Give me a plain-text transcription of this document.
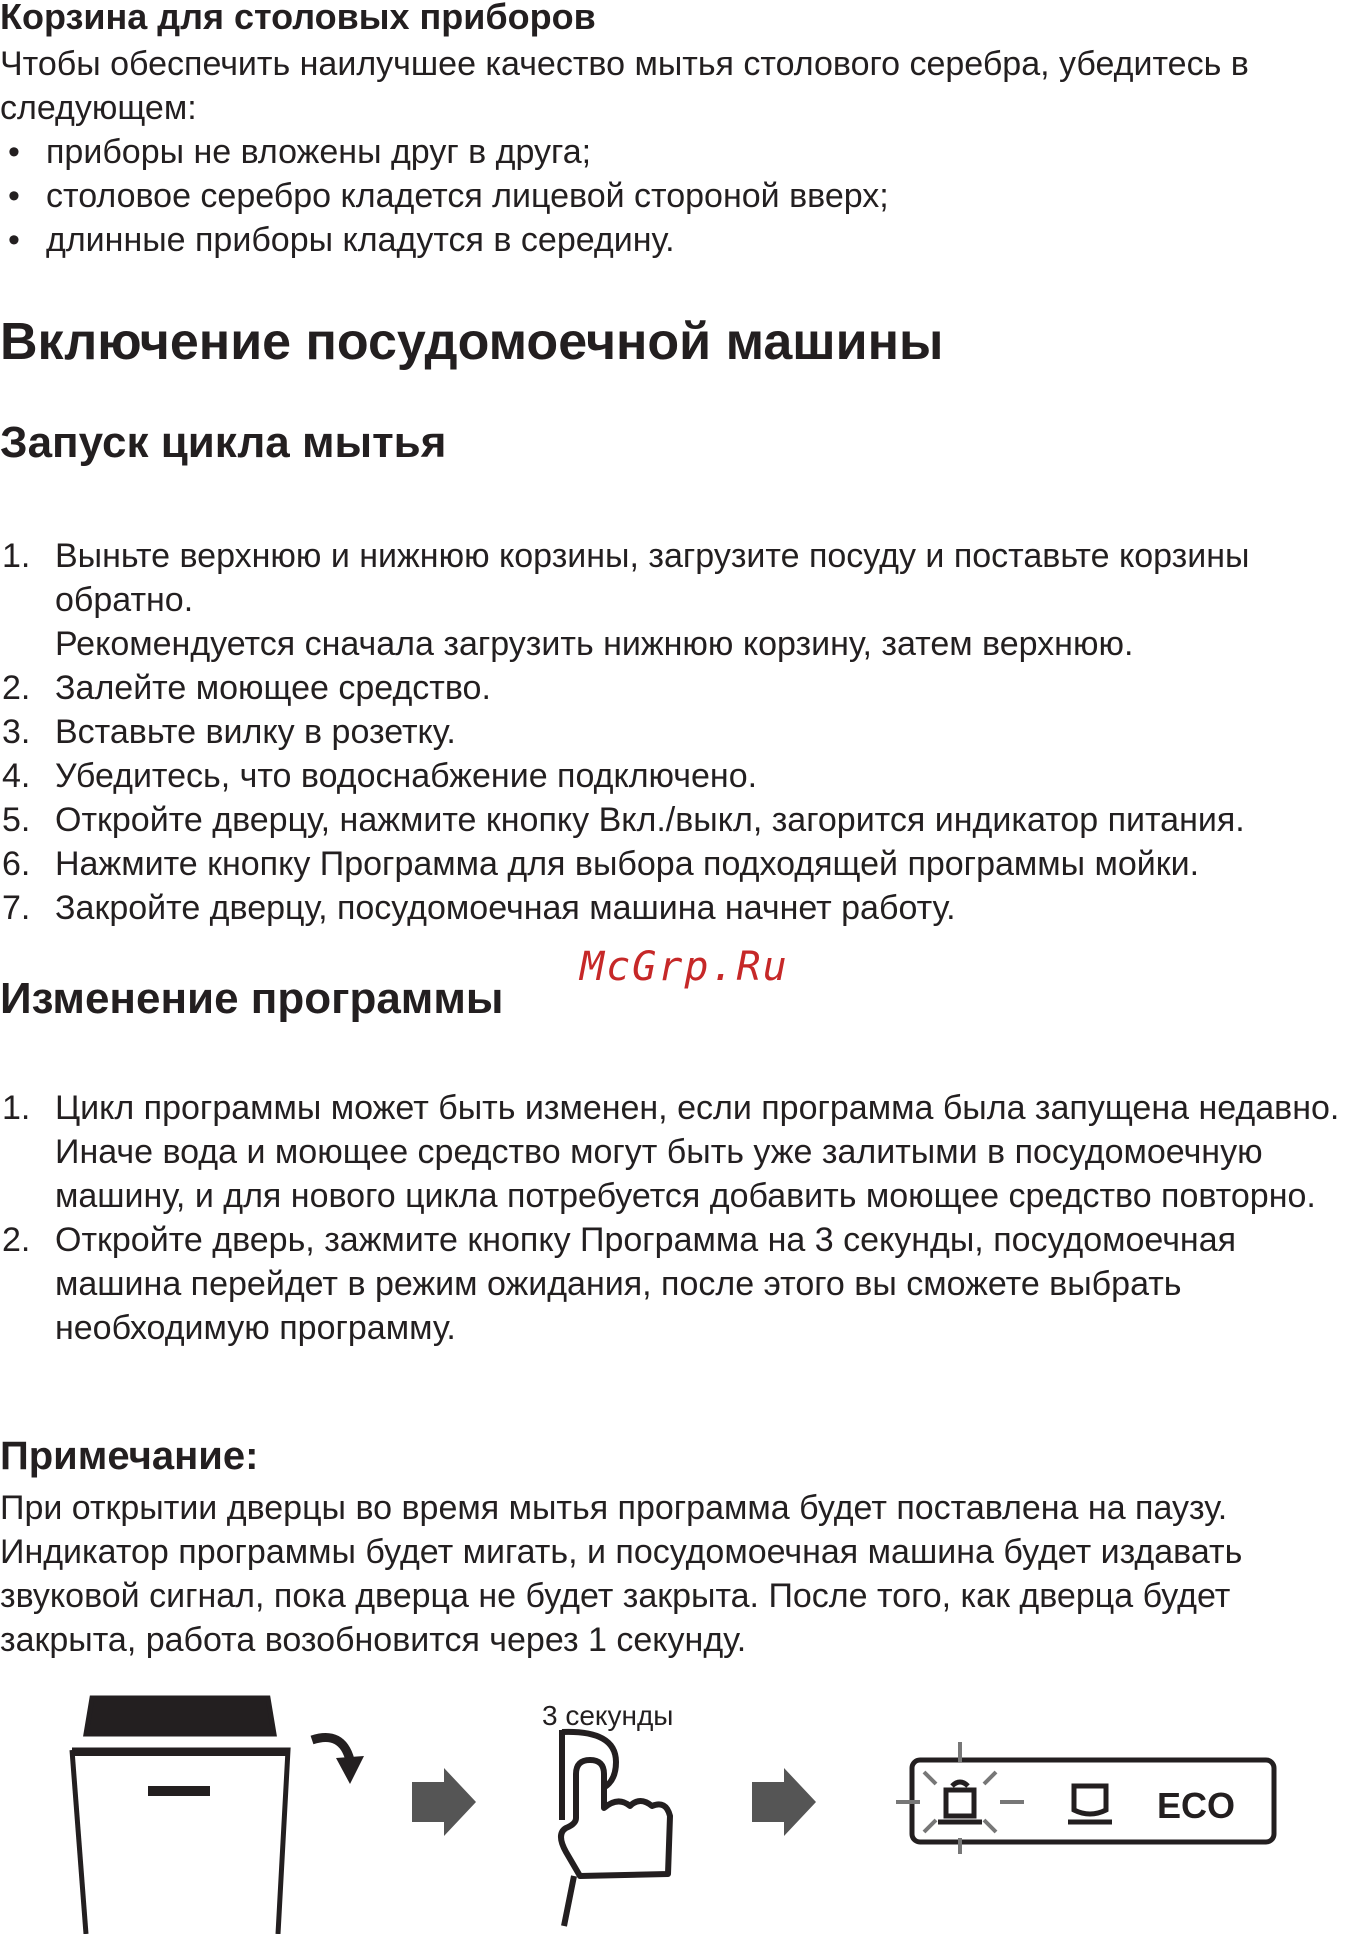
Корзина для столовых приборов

Чтобы обеспечить наилучшее качество мытья столового серебра, убедитесь в следующем:

• приборы не вложены друг в друга;
• столовое серебро кладется лицевой стороной вверх;
• длинные приборы кладутся в середину.
Включение посудомоечной машины
Запуск цикла мытья
1. Выньте верхнюю и нижнюю корзины, загрузите посуду и поставьте корзины обратно.
Рекомендуется сначала загрузить нижнюю корзину, затем верхнюю.
2. Залейте моющее средство.
3. Вставьте вилку в розетку.
4. Убедитесь, что водоснабжение подключено.
5. Откройте дверцу, нажмите кнопку Вкл./выкл, загорится индикатор питания.
6. Нажмите кнопку Программа для выбора подходящей программы мойки.
7. Закройте дверцу, посудомоечная машина начнет работу.
McGrp.Ru
Изменение программы
1. Цикл программы может быть изменен, если программа была запущена недавно. Иначе вода и моющее средство могут быть уже залитыми в посудомоечную машину, и для нового цикла потребуется добавить моющее средство повторно.
2. Откройте дверь, зажмите кнопку Программа на 3 секунды, посудомоечная машина перейдет в режим ожидания, после этого вы сможете выбрать необходимую программу.
Примечание:

При открытии дверцы во время мытья программа будет поставлена на паузу. Индикатор программы будет мигать, и посудомоечная машина будет издавать звуковой сигнал, пока дверца не будет закрыта. После того, как дверца будет закрыта, работа возобновится через 1 секунду.

3 секунды
ECO
